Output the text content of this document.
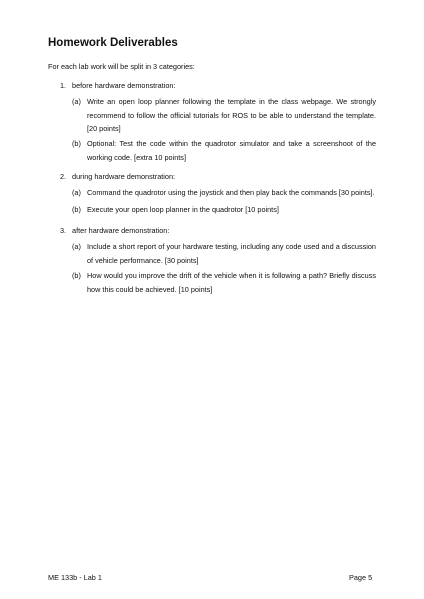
Homework Deliverables
For each lab work will be split in 3 categories:
1. before hardware demonstration:
(a) Write an open loop planner following the template in the class webpage. We strongly recommend to follow the official tutorials for ROS to be able to understand the template. [20 points]
(b) Optional: Test the code within the quadrotor simulator and take a screenshoot of the working code. [extra 10 points]
2. during hardware demonstration:
(a) Command the quadrotor using the joystick and then play back the commands [30 points].
(b) Execute your open loop planner in the quadrotor [10 points]
3. after hardware demonstration:
(a) Include a short report of your hardware testing, including any code used and a discussion of vehicle performance. [30 points]
(b) How would you improve the drift of the vehicle when it is following a path? Briefly discuss how this could be achieved. [10 points]
ME 133b - Lab 1	Page 5
